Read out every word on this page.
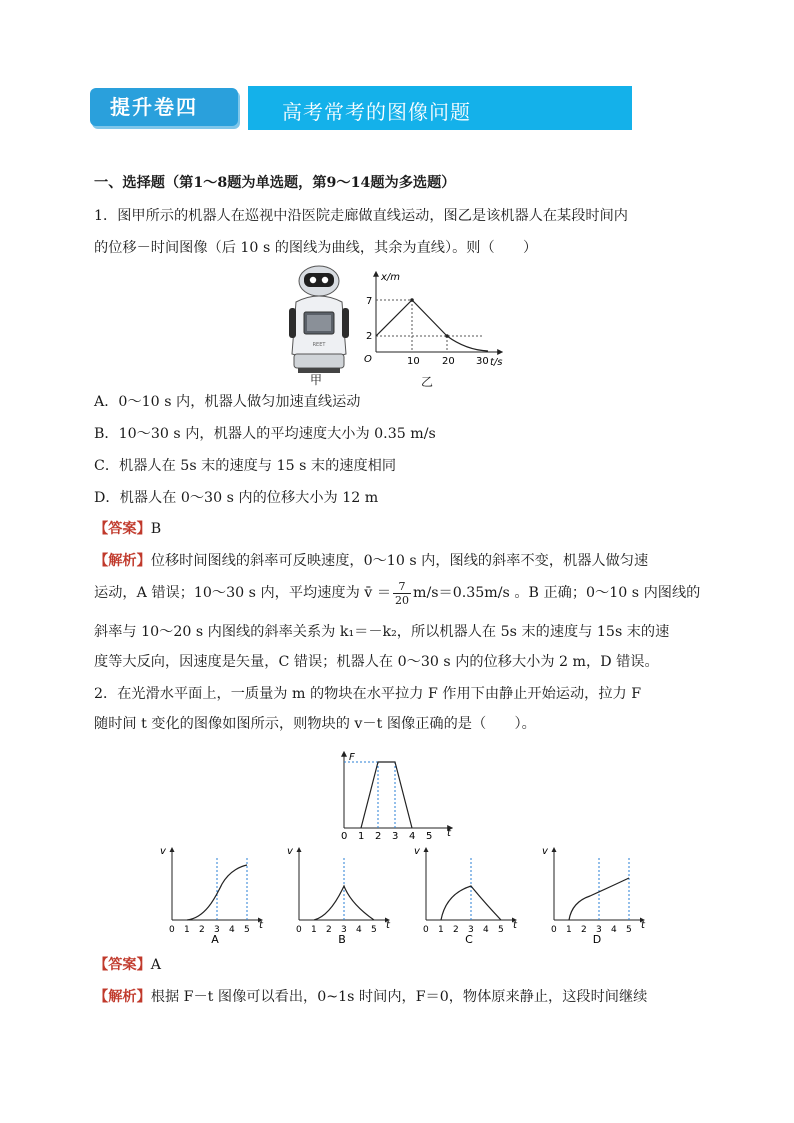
提升卷四	高考常考的图像问题
一、选择题（第1～8题为单选题，第9～14题为多选题）
1．图甲所示的机器人在巡视中沿医院走廊做直线运动，图乙是该机器人在某段时间内
的位移－时间图像（后 10 s 的图线为曲线，其余为直线）。则（　　）
REET
甲
x/m
t/s
O
7
2
10 20 30
乙
A．0～10 s 内，机器人做匀加速直线运动
B．10～30 s 内，机器人的平均速度大小为 0.35 m/s
C．机器人在 5s 末的速度与 15 s 末的速度相同
D．机器人在 0～30 s 内的位移大小为 12 m
【答案】B
【解析】位移时间图线的斜率可反映速度，0～10 s 内，图线的斜率不变，机器人做匀速
运动，A 错误；10～30 s 内，平均速度为 v̄ ＝ $\frac{7}{20} m/s=0.35m/s$ 。B 正确；0～10 s 内图线的
斜率与 10～20 s 内图线的斜率关系为 k₁＝－k₂，所以机器人在 5s 末的速度与 15s 末的速
度等大反向，因速度是矢量，C 错误；机器人在 0～30 s 内的位移大小为 2 m，D 错误。
2．在光滑水平面上，一质量为 m 的物块在水平拉力 F 作用下由静止开始运动，拉力 F
随时间 t 变化的图像如图所示，则物块的 v－t 图像正确的是（　　）。
F
t
0 1 2 3 4 5
v
t
0 1 2 3 4 5
A
v
t
0 1 2 3 4 5
B
v
t
0 1 2 3 4 5
C
v
t
0 1 2 3 4 5
D
【答案】A
【解析】根据 F－t 图像可以看出，0~1s 时间内，F＝0，物体原来静止，这段时间继续
